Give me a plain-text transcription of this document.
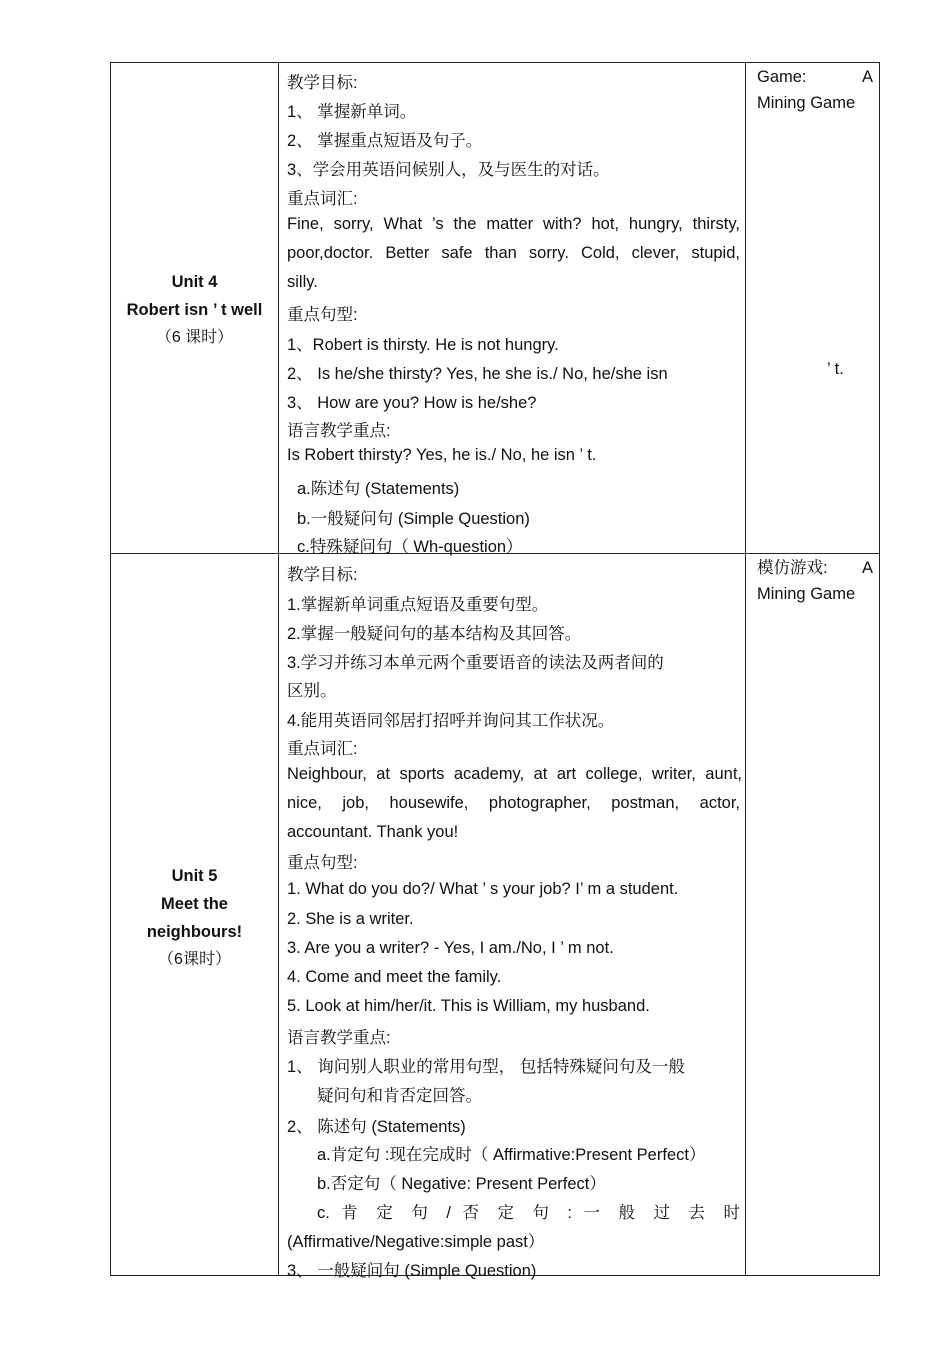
Unit 4
Robert isn ’ t well
（6 课时）
教学目标:
1、 掌握新单词。
2、 掌握重点短语及句子。
3、学会用英语问候别人，及与医生的对话。
重点词汇:
Fine, sorry, What ’s the matter with? hot, hungry, thirsty,
poor,doctor. Better safe than sorry. Cold, clever, stupid,
silly.
重点句型:
1、Robert is thirsty. He is not hungry.
2、 Is he/she thirsty? Yes, he she is./ No, he/she isn
3、 How are you? How is he/she?
语言教学重点:
Is Robert thirsty? Yes, he is./ No, he isn ’ t.
a.陈述句 (Statements)
b.一般疑问句 (Simple Question)
c.特殊疑问句（ Wh-question）
Game:	A
Mining Game
’ t.
Unit 5
Meet the
neighbours!
（6课时）
教学目标:
1.掌握新单词重点短语及重要句型。
2.掌握一般疑问句的基本结构及其回答。
3.学习并练习本单元两个重要语音的读法及两者间的
区别。
4.能用英语同邻居打招呼并询问其工作状况。
重点词汇:
Neighbour, at sports academy, at art college, writer, aunt,
nice, job, housewife, photographer, postman, actor,
accountant. Thank you!
重点句型:
1. What do you do?/ What ’ s your job? I’ m a student.
2. She is a writer.
3. Are you a writer? - Yes, I am./No, I ’ m not.
4. Come and meet the family.
5. Look at him/her/it. This is William, my husband.
语言教学重点:
1、 询问别人职业的常用句型， 包括特殊疑问句及一般
疑问句和肯否定回答。
2、 陈述句 (Statements)
a.肯定句 :现在完成时（ Affirmative:Present Perfect）
b.否定句（ Negative: Present Perfect）
c. 肯 定 句 / 否 定 句 : 一 般 过 去 时
(Affirmative/Negative:simple past）
3、 一般疑问句 (Simple Question)
模仿游戏: A
Mining Game
